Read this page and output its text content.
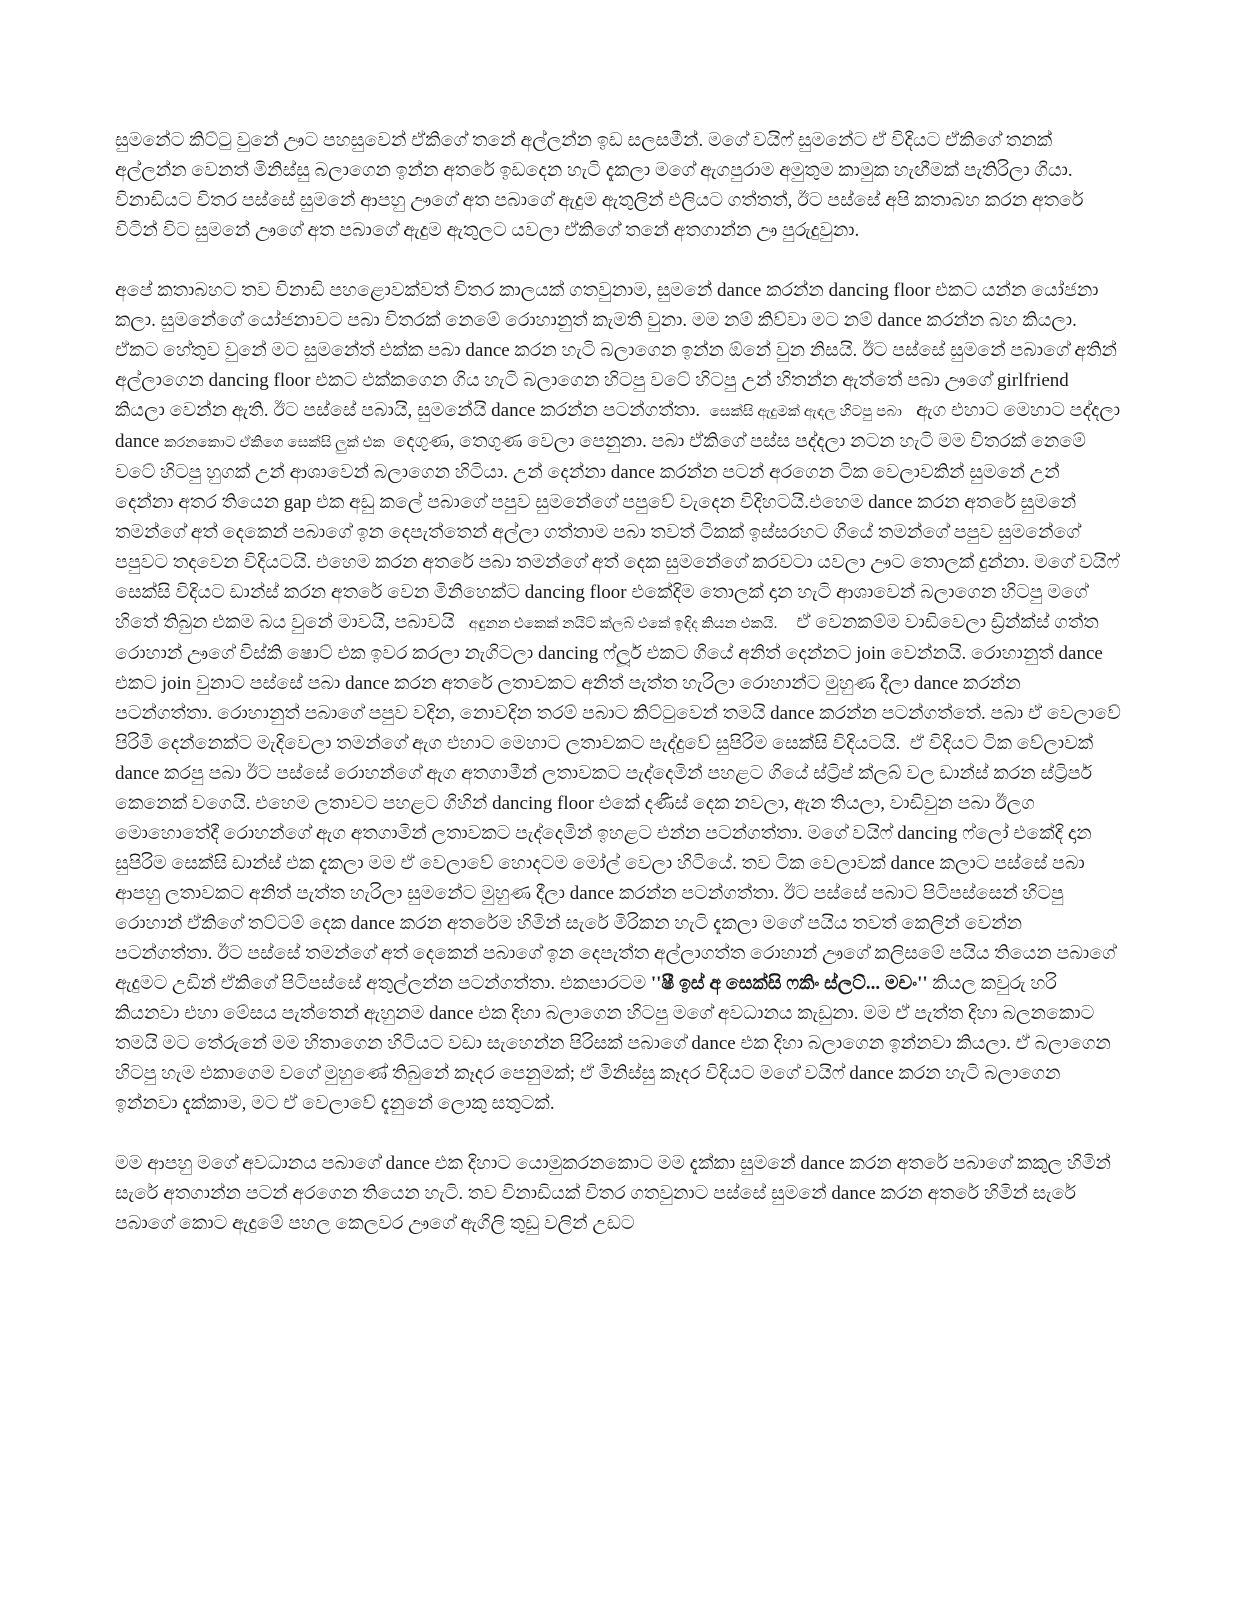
සුමනේට කිට්ටු වුනේ ඌට පහසුවෙන් ඒකිගේ තනේ අල්ලන්න ඉඩ සලසමීන්. මගේ වයිෆ් සුමනේට ඒ විදියට ඒකිගේ තනක් අල්ලන්න වෙනත් මිනිස්සු බලාගෙන ඉන්න අතරේ ඉඩදෙන හැටි දැකලා මගේ ඇගපුරාම අමුතුම කාමුක හැඟීමක් පැතිරිලා ගියා. විනාඩියට විතර පස්සේ සුමනේ ආපහු ඌගේ අත පබාගේ ඇදුම ඇතුලින් එලියට ගත්තත්, ඊට පස්සේ අපි කතාබහ කරන අතරේ විටින් විට සුමනේ ඌගේ අත පබාගේ ඇදුම ඇතුලට යවලා ඒකිගේ තනේ අතගාන්න ඌ පුරුදුවුනා.

අපේ කතාබහට තව විනාඩි පහළොවක්වත් විතර කාලයක් ගතවුනාම, සුමනේ dance කරන්න dancing floor එකට යන්න යෝජනා කලා. සුමනේගේ යෝජනාවට පබා විතරක් නෙමේ රොහානුත් කැමති වුනා. මම නම් කිව්වා මට නම් dance කරන්න බහ කියලා. ඒකට හේතුව වුනේ මට සුමනේත් එක්ක පබා dance කරන හැටි බලාගෙන ඉන්න ඕනේ වුන නිසයි. ඊට පස්සේ සුමනේ පබාගේ අතින් අල්ලාගෙන dancing floor එකට එක්කගෙන ගිය හැටි බලාගෙන හිටපු වටේ හිටපු උන් හිතන්න ඇත්තේ පබා ඌගේ girlfriend කියලා වෙන්න ඇති. ඊට පස්සේ පබායි, සුමනේයි dance කරන්න පටන්ගත්තා.  සෙක්සි ඇදුමක් ඇඳල හිටපු පබා   ඇග එහාට මෙහාට පද්දලා dance කරනකොට ඒකිගෙ සෙක්සි ලුක් එක  දෙගුණ, තෙගුණ වෙලා පෙනුනා. පබා ඒකිගේ පස්ස පද්දලා නටන හැටි මම විතරක් නෙමේ වටේ හිටපු හුගක් උන් ආශාවෙන් බලාගෙන හිටියා. උන් දෙන්නා dance කරන්න පටන් අරගෙන ටික වෙලාවකින් සුමනේ උන් දෙන්නා අතර තියෙන gap එක අඩු කලේ පබාගේ පපුව සුමනේගේ පපුවේ වැදෙන විදිහටයි.එහෙම dance කරන අතරේ සුමනේ තමන්ගේ අත් දෙකෙන් පබාගේ ඉන දෙපැත්තෙන් අල්ලා ගත්තාම පබා තවත් ටිකක් ඉස්සරහට ගියේ තමන්ගේ පපුව සුමනේගේ පපුවට තදවෙන විදියටයි. එහෙම කරන අතරේ පබා තමන්ගේ අත් දෙක සුමනේගේ කරවටා යවලා ඌට තොලක් දුන්නා. මගේ වයිෆ් සෙක්සි විදියට ඩාන්ස් කරන අතරේ වෙන මිනිහෙක්ට dancing floor එකේදිම තොලක් දාන හැටි ආශාවෙන් බලාගෙන හිටපු මගේ හිතේ තිබුන එකම බය වුනේ මාවයි, පබාවයි   අඳුනන එකෙක් නයිට් ක්ලබ් එකේ ඉඳිද කියන එකයි.    ඒ වෙනකම්ම වාඩිවෙලා ඩ්‍රින්ක්ස් ගත්ත රොහාන් ඌගේ විස්කි ෂොට් එක ඉවර කරලා නැගිටලා dancing ෆ්ලූර් එකට ගියේ අනිත් දෙන්නට join වෙන්නයි. රොහානුත් dance එකට join වුනාට පස්සේ පබා dance කරන අතරේ ලතාවකට අනිත් පැත්ත හැරිලා රොහාන්ට මුහුණ දීලා dance කරන්න පටන්ගත්තා. රොහානුත් පබාගේ පපුව වදින, නොවදින තරම් පබාට කිට්ටුවෙන් තමයි dance කරන්න පටන්ගත්තේ. පබා ඒ වෙලාවේ පිරිමි දෙන්නෙක්ට මැදිවෙලා තමන්ගේ ඇග එහාට මෙහාට ලතාවකට පැද්දුවේ සුපිරිම සෙක්සි විදියටයි.  ඒ විදියට ටික වේලාවක් dance කරපු පබා ඊට පස්සේ රොහන්ගේ ඇග අතගාමීන් ලතාවකට පැද්දෙමින් පහළට ගියේ ස්ට්‍රිප් ක්ලබ් වල ඩාන්ස් කරන ස්ට්‍රිපර් කෙනෙක් වගෙයි. එහෙම ලතාවට පහළට ගිහින් dancing floor එකේ දණිස් දෙක නවලා, ඇන තියලා, වාඩිවුන පබා ඊලග මොහොතේදී රොහන්ගේ ඇග අතගාමින් ලතාවකට පැද්දෙමින් ඉහළට එන්න පටන්ගත්තා. මගේ වයිෆ් dancing ෆ්ලෝ එකේදි දාන සුපිරිම සෙක්සි ඩාන්ස් එක දැකලා මම ඒ වෙලාවේ හොදටම මෝල් වෙලා හිටියේ. තව ටික වෙලාවක් dance කලාට පස්සේ පබා ආපහු ලතාවකට අනිත් පැත්ත හැරිලා සුමනේට මුහුණ දීලා dance කරන්න පටන්ගත්තා. ඊට පස්සේ පබාට පිටිපස්සෙන් හිටපු රොහාන් ඒකිගේ තට්ටම් දෙක dance කරන අතරේම හිමින් සැරේ මිරිකන හැටි දැකලා මගේ පයිය තවත් කෙලින් වෙන්න පටන්ගත්තා. ඊට පස්සේ තමන්ගේ අත් දෙකෙන් පබාගේ ඉන දෙපැත්ත අල්ලාගත්ත රොහාන් ඌගේ කලිසමේ පයිය තියෙන පබාගේ ඇදුමට උඩින් ඒකිගේ පිටිපස්සේ අතුල්ලන්න පටන්ගත්තා. එකපාරටම ''ෂී ඉස් අ සෙක්සි ෆකිං ස්ලට්... මචං'' කියල කවුරු හරි කියනවා එහා මේසය පැත්තෙන් ඇහුනම dance එක දිහා බලාගෙන හිටපු මගේ අවධානය කැඩුනා. මම ඒ පැත්ත දිහා බලනකොට තමයි මට තේරුනේ මම හිතාගෙන හිටියට වඩා සැහෙන්න පිරිසක් පබාගේ dance එක දිහා බලාගෙන ඉන්නවා කියලා. ඒ බලාගෙන හිටපු හැම එකාගෙම වගේ මුහුණේ තිබුනේ කෑදර පෙනුමක්; ඒ මිනිස්සු කෑදර විදියට මගේ වයිෆ් dance කරන හැටි බලාගෙන ඉන්නවා දැක්කාම, මට ඒ වෙලාවේ දැනුනේ ලොකු සතුටක්.

මම ආපහු මගේ අවධානය පබාගේ dance එක දිහාට යොමුකරනකොට මම දැක්කා සුමනේ dance කරන අතරේ පබාගේ කකුල හිමින් සැරේ අතගාන්න පටන් අරගෙන තියෙන හැටි. තව විනාඩියක් විතර ගතවුනාට පස්සේ සුමනේ dance කරන අතරේ හිමින් සැරේ පබාගේ කොට ඇදුමේ පහල කෙලවර ඌගේ ඇගිලි තුඩු වලින් උඩට
